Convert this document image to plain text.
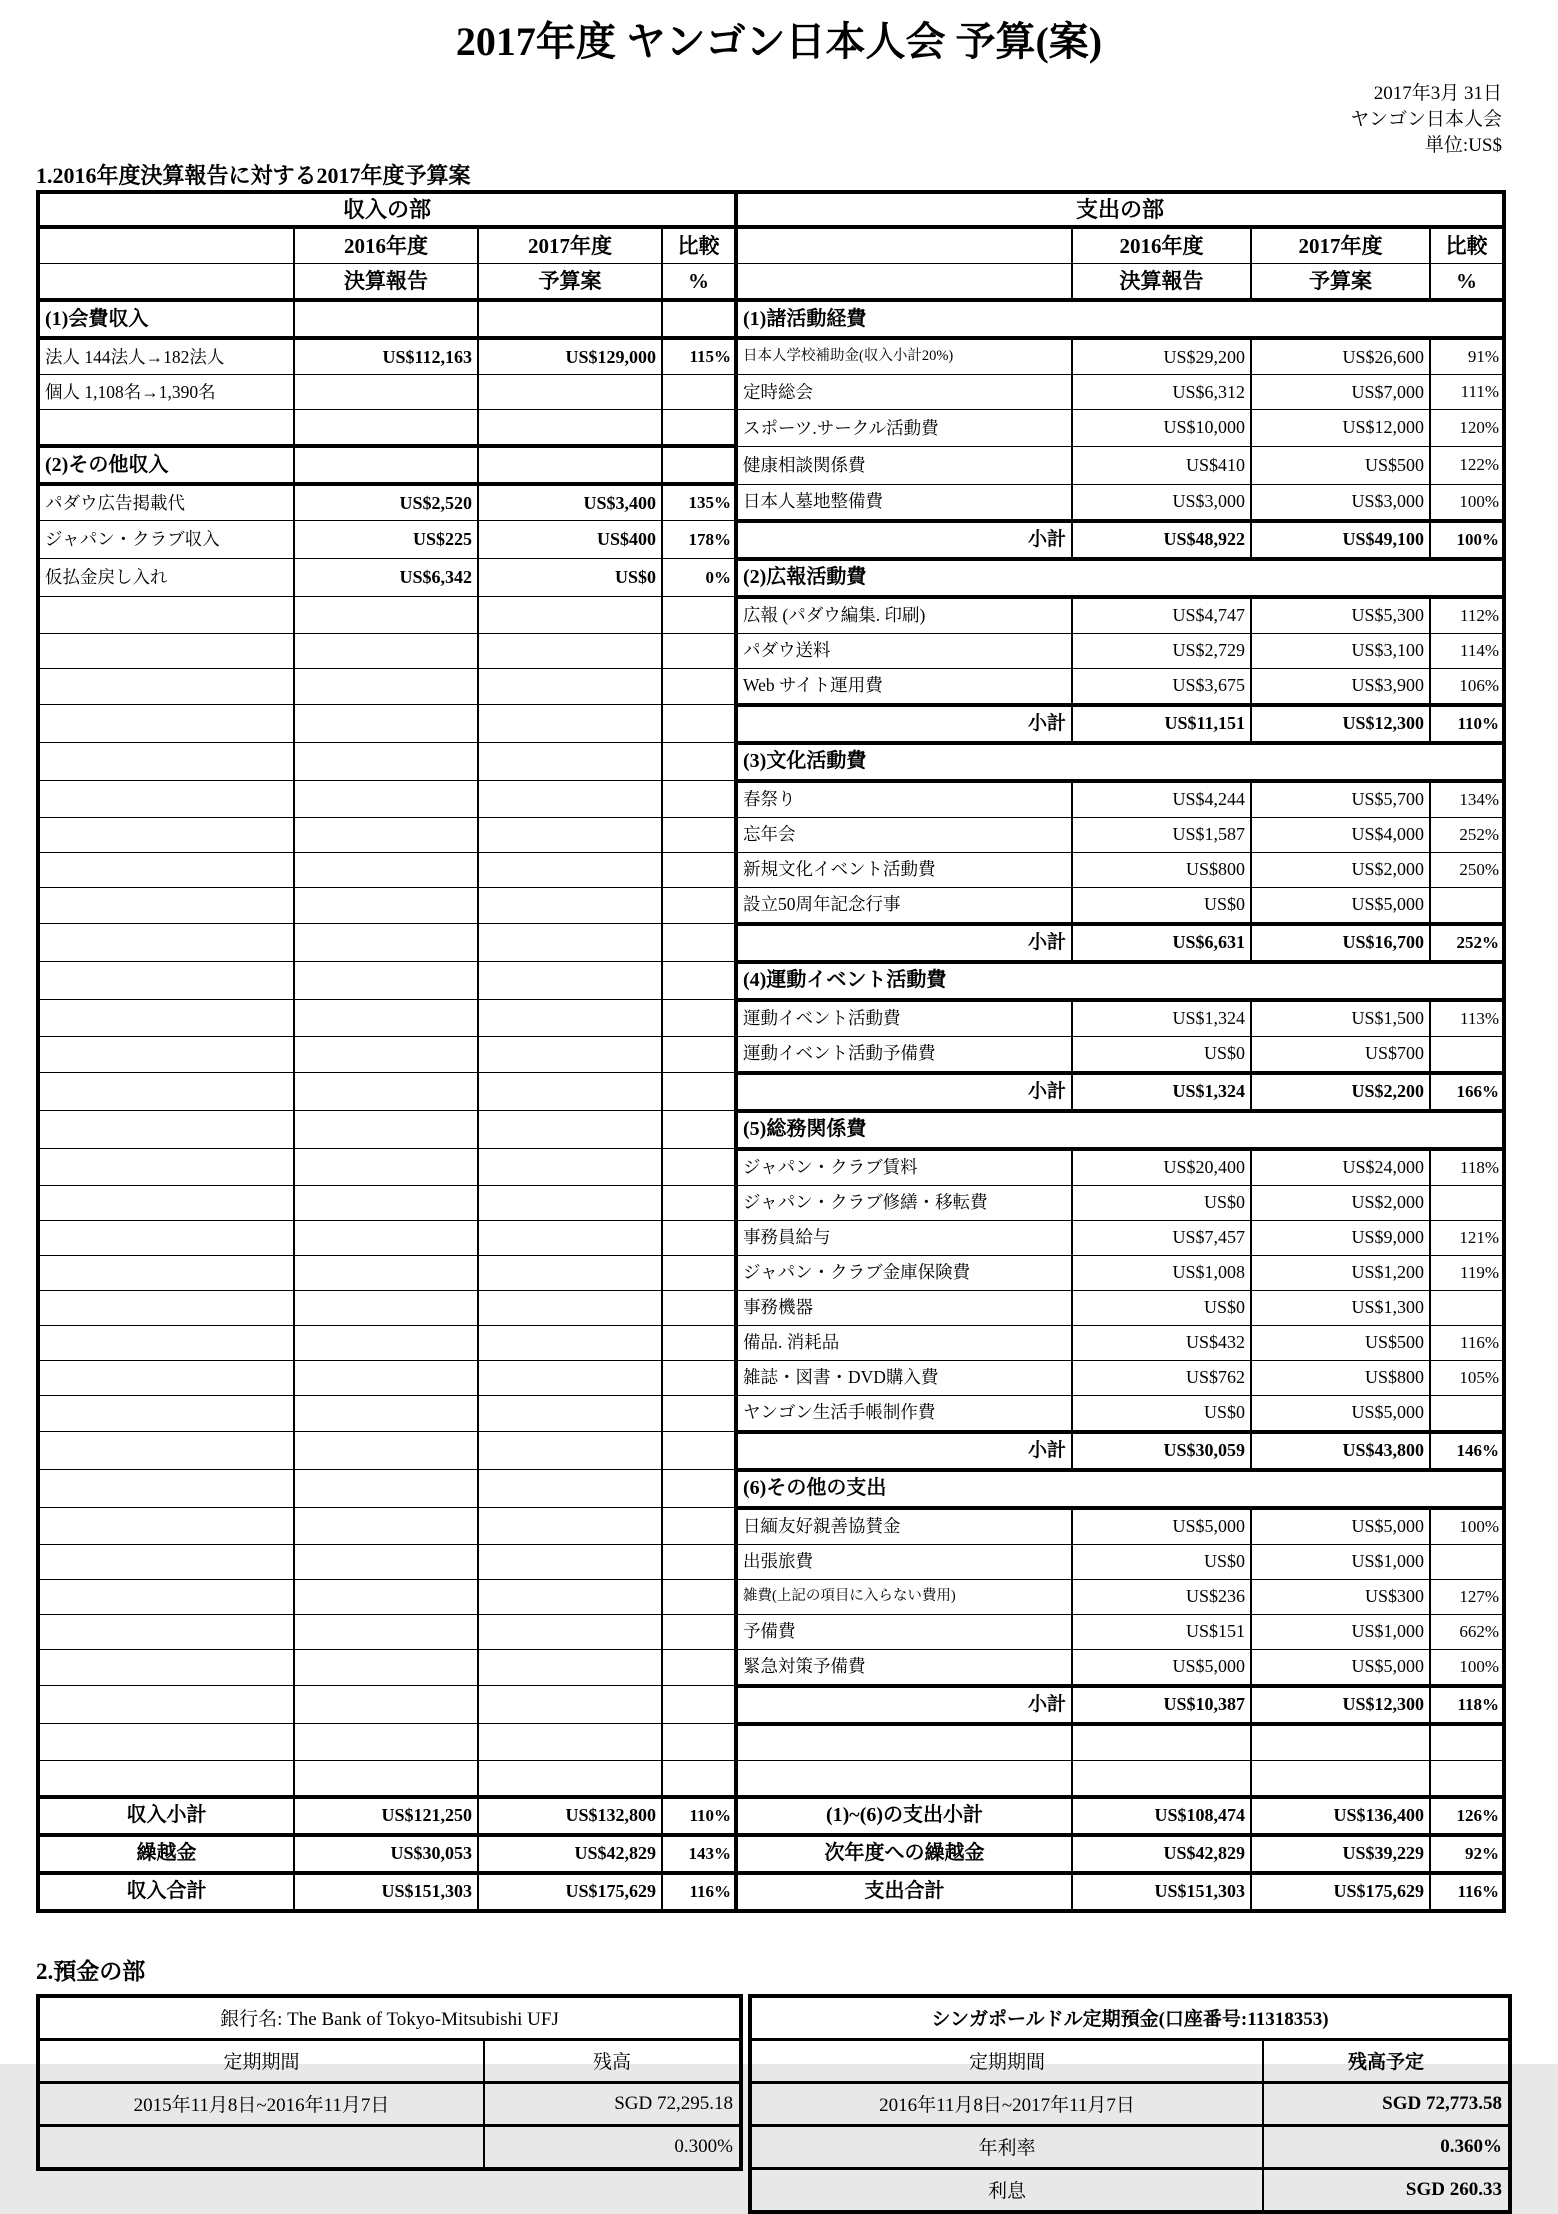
2017年度 ヤンゴン日本人会 予算(案)
2017年3月 31日
ヤンゴン日本人会
単位:US$
1.2016年度決算報告に対する2017年度予算案
収入の部				支出の部			
	2016年度	2017年度	比較		2016年度	2017年度	比較
	決算報告	予算案	%		決算報告	予算案	%
(1)会費収入				(1)諸活動経費			
法人 144法人→182法人	US$112,163	US$129,000	115%	日本人学校補助金(収入小計20%)	US$29,200	US$26,600	91%
個人 1,108名→1,390名				定時総会	US$6,312	US$7,000	111%
				スポーツ.サークル活動費	US$10,000	US$12,000	120%
(2)その他収入				健康相談関係費	US$410	US$500	122%
パダウ広告掲載代	US$2,520	US$3,400	135%	日本人墓地整備費	US$3,000	US$3,000	100%
ジャパン・クラブ収入	US$225	US$400	178%	小計	US$48,922	US$49,100	100%
仮払金戻し入れ	US$6,342	US$0	0%	(2)広報活動費			
				広報 (パダウ編集. 印刷)	US$4,747	US$5,300	112%
				パダウ送料	US$2,729	US$3,100	114%
				Web サイト運用費	US$3,675	US$3,900	106%
				小計	US$11,151	US$12,300	110%
				(3)文化活動費			
				春祭り	US$4,244	US$5,700	134%
				忘年会	US$1,587	US$4,000	252%
				新規文化イベント活動費	US$800	US$2,000	250%
				設立50周年記念行事	US$0	US$5,000	
				小計	US$6,631	US$16,700	252%
				(4)運動イベント活動費			
				運動イベント活動費	US$1,324	US$1,500	113%
				運動イベント活動予備費	US$0	US$700	
				小計	US$1,324	US$2,200	166%
				(5)総務関係費			
				ジャパン・クラブ賃料	US$20,400	US$24,000	118%
				ジャパン・クラブ修繕・移転費	US$0	US$2,000	
				事務員給与	US$7,457	US$9,000	121%
				ジャパン・クラブ金庫保険費	US$1,008	US$1,200	119%
				事務機器	US$0	US$1,300	
				備品. 消耗品	US$432	US$500	116%
				雑誌・図書・DVD購入費	US$762	US$800	105%
				ヤンゴン生活手帳制作費	US$0	US$5,000	
				小計	US$30,059	US$43,800	146%
				(6)その他の支出			
				日緬友好親善協賛金	US$5,000	US$5,000	100%
				出張旅費	US$0	US$1,000	
				雑費(上記の項目に入らない費用)	US$236	US$300	127%
				予備費	US$151	US$1,000	662%
				緊急対策予備費	US$5,000	US$5,000	100%
				小計	US$10,387	US$12,300	118%

収入小計	US$121,250	US$132,800	110%	(1)~(6)の支出小計	US$108,474	US$136,400	126%
繰越金	US$30,053	US$42,829	143%	次年度への繰越金	US$42,829	US$39,229	92%
収入合計	US$151,303	US$175,629	116%	支出合計	US$151,303	US$175,629	116%
2.預金の部
銀行名: The Bank of Tokyo-Mitsubishi UFJ	
定期期間	残高
2015年11月8日~2016年11月7日	SGD 72,295.18
	0.300%
シンガポールドル定期預金(口座番号:11318353)	
定期期間	残高予定
2016年11月8日~2017年11月7日	SGD 72,773.58
年利率	0.360%
利息	SGD 260.33
